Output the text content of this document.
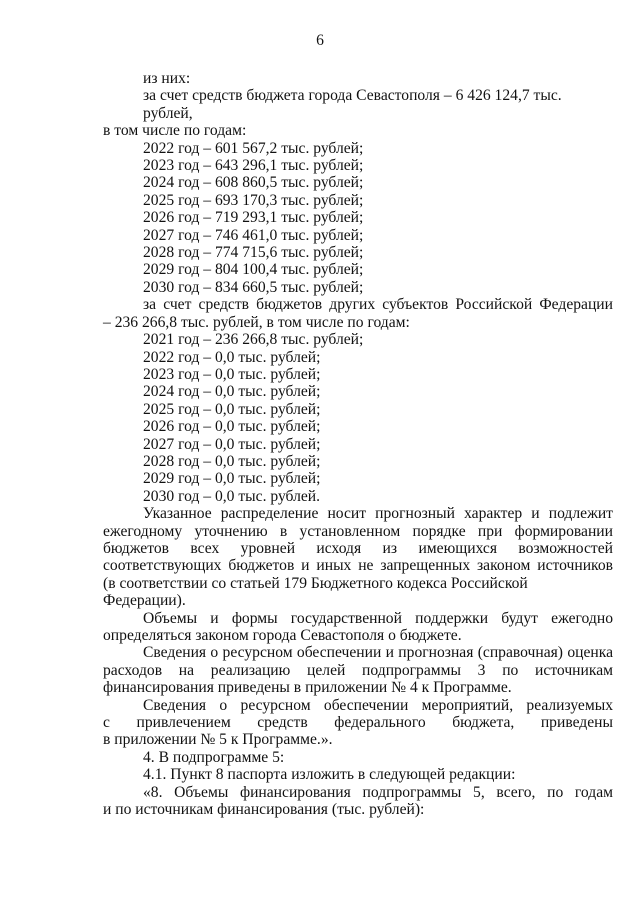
6
из них:
за счет средств бюджета города Севастополя – 6 426 124,7 тыс. рублей,
в том числе по годам:
2022 год – 601 567,2 тыс. рублей;
2023 год – 643 296,1 тыс. рублей;
2024 год – 608 860,5 тыс. рублей;
2025 год – 693 170,3 тыс. рублей;
2026 год – 719 293,1 тыс. рублей;
2027 год – 746 461,0 тыс. рублей;
2028 год – 774 715,6 тыс. рублей;
2029 год – 804 100,4 тыс. рублей;
2030 год – 834 660,5 тыс. рублей;
за счет средств бюджетов других субъектов Российской Федерации
– 236 266,8 тыс. рублей, в том числе по годам:
2021 год – 236 266,8 тыс. рублей;
2022 год – 0,0 тыс. рублей;
2023 год – 0,0 тыс. рублей;
2024 год – 0,0 тыс. рублей;
2025 год – 0,0 тыс. рублей;
2026 год – 0,0 тыс. рублей;
2027 год – 0,0 тыс. рублей;
2028 год – 0,0 тыс. рублей;
2029 год – 0,0 тыс. рублей;
2030 год – 0,0 тыс. рублей.
Указанное распределение носит прогнозный характер и подлежит
ежегодному уточнению в установленном порядке при формировании
бюджетов всех уровней исходя из имеющихся возможностей
соответствующих бюджетов и иных не запрещенных законом источников
(в соответствии со статьей 179 Бюджетного кодекса Российской Федерации).
Объемы и формы государственной поддержки будут ежегодно
определяться законом города Севастополя о бюджете.
Сведения о ресурсном обеспечении и прогнозная (справочная) оценка
расходов на реализацию целей подпрограммы 3 по источникам
финансирования приведены в приложении № 4 к Программе.
Сведения о ресурсном обеспечении мероприятий, реализуемых
с привлечением средств федерального бюджета, приведены
в приложении № 5 к Программе.».
4. В подпрограмме 5:
4.1. Пункт 8 паспорта изложить в следующей редакции:
«8. Объемы финансирования подпрограммы 5, всего, по годам
и по источникам финансирования (тыс. рублей):
